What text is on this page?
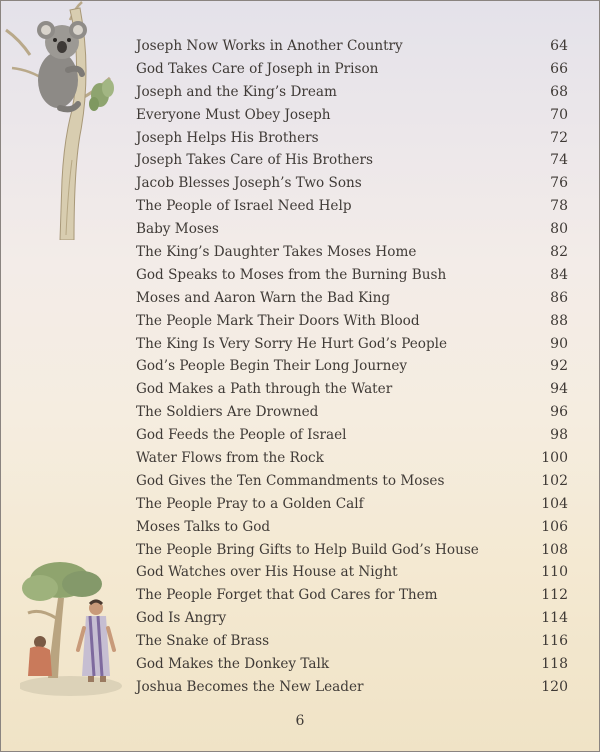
Joseph Now Works in Another Country	64
God Takes Care of Joseph in Prison	66
Joseph and the King’s Dream	68
Everyone Must Obey Joseph	70
Joseph Helps His Brothers	72
Joseph Takes Care of His Brothers	74
Jacob Blesses Joseph’s Two Sons	76
The People of Israel Need Help	78
Baby Moses	80
The King’s Daughter Takes Moses Home	82
God Speaks to Moses from the Burning Bush	84
Moses and Aaron Warn the Bad King	86
The People Mark Their Doors With Blood	88
The King Is Very Sorry He Hurt God’s People	90
God’s People Begin Their Long Journey	92
God Makes a Path through the Water	94
The Soldiers Are Drowned	96
God Feeds the People of Israel	98
Water Flows from the Rock	100
God Gives the Ten Commandments to Moses	102
The People Pray to a Golden Calf	104
Moses Talks to God	106
The People Bring Gifts to Help Build God’s House	108
God Watches over His House at Night	110
The People Forget that God Cares for Them	112
God Is Angry	114
The Snake of Brass	116
God Makes the Donkey Talk	118
Joshua Becomes the New Leader	120
6
